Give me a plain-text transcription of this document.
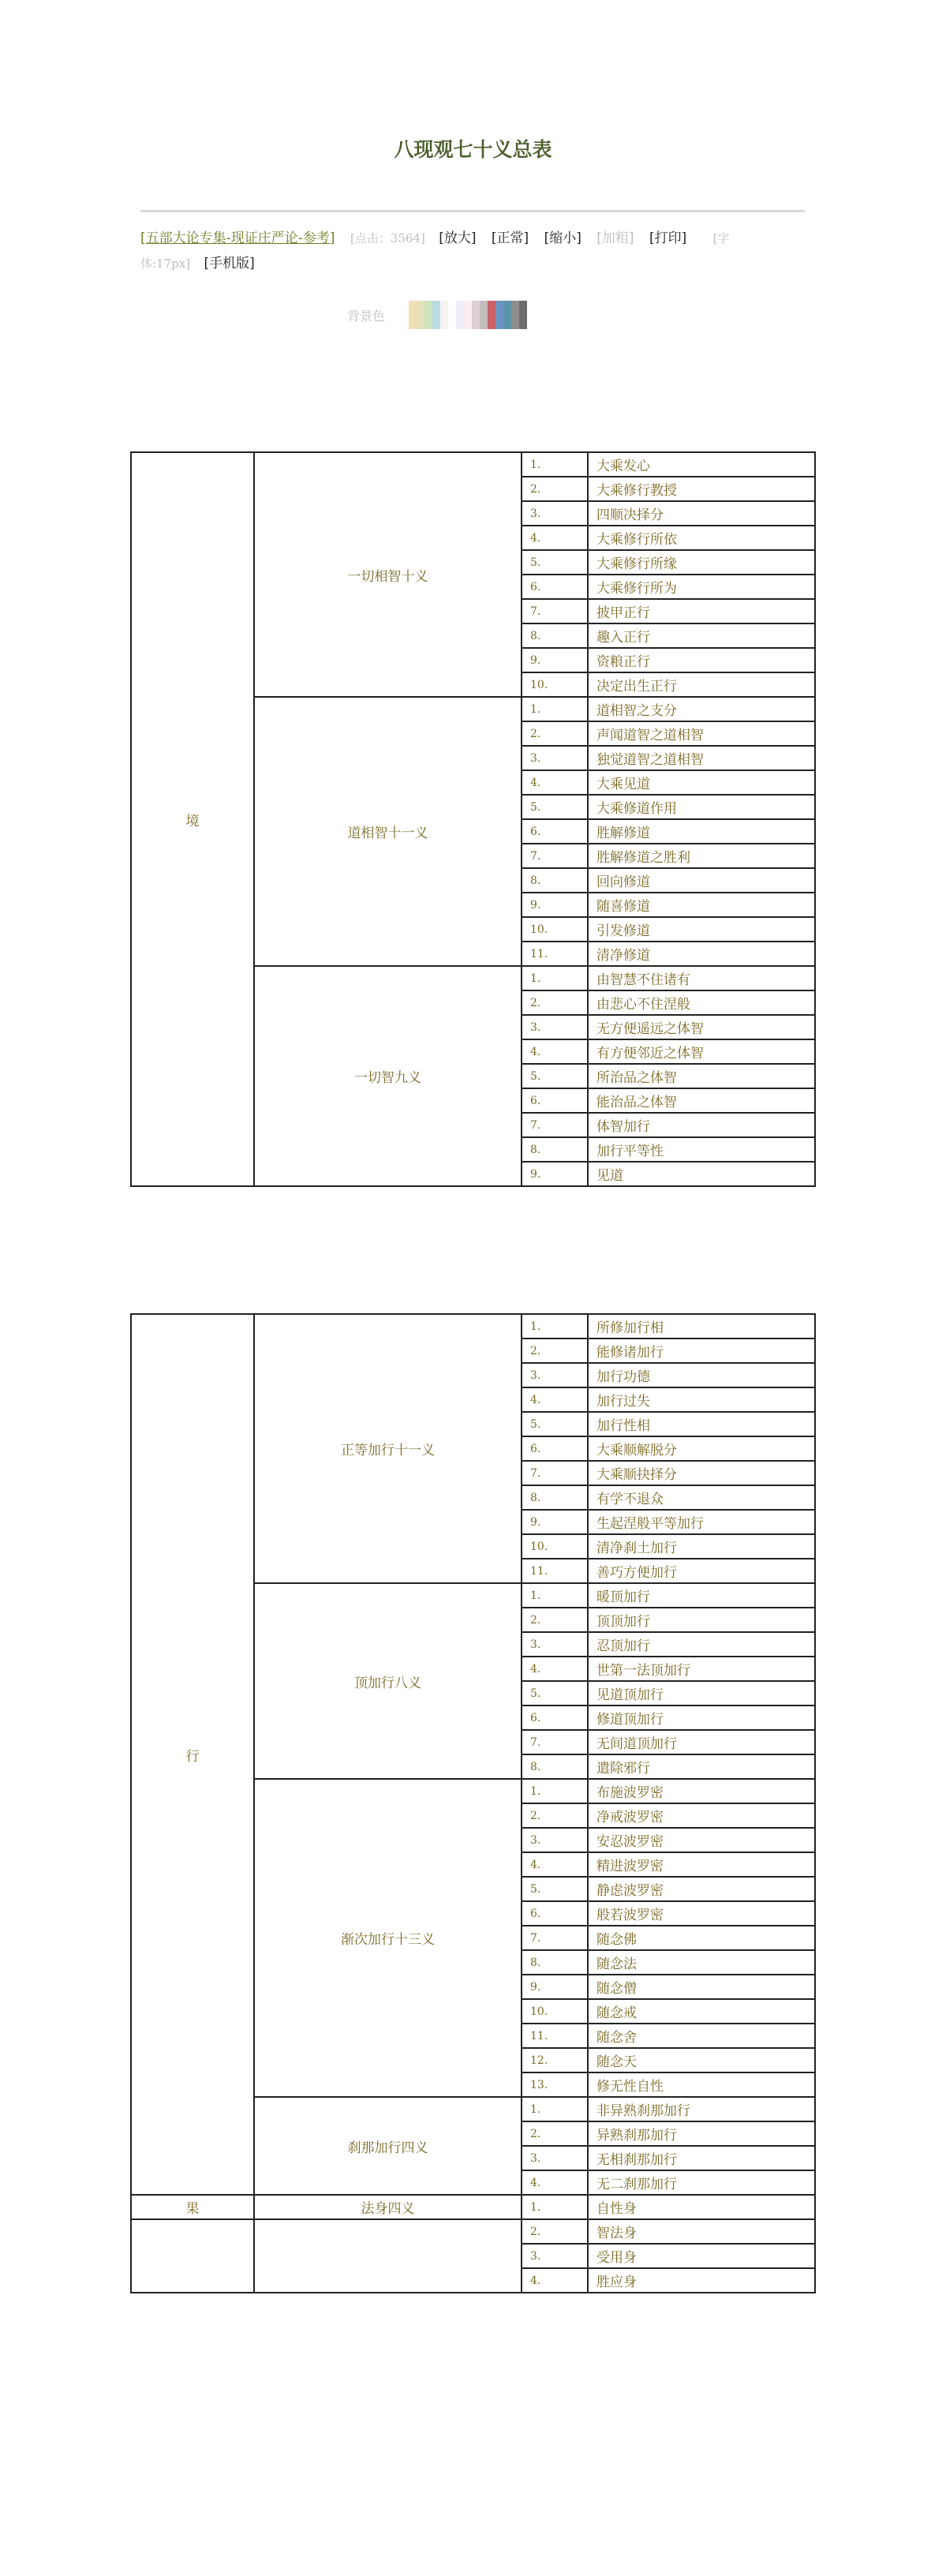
八现观七十义总表
[五部大论专集-现证庄严论-参考] [点击：3564] [放大] [正常] [缩小] [加粗] [打印] [字体:17px] [手机版]
背景色
境	一切相智十义	1.	大乘发心
		2.	大乘修行教授
		3.	四顺决择分
		4.	大乘修行所依
		5.	大乘修行所缘
		6.	大乘修行所为
		7.	披甲正行
		8.	趣入正行
		9.	资粮正行
		10.	决定出生正行
	道相智十一义	1.	道相智之支分
		2.	声闻道智之道相智
		3.	独觉道智之道相智
		4.	大乘见道
		5.	大乘修道作用
		6.	胜解修道
		7.	胜解修道之胜利
		8.	回向修道
		9.	随喜修道
		10.	引发修道
		11.	清净修道
	一切智九义	1.	由智慧不住诸有
		2.	由悲心不住涅般
		3.	无方便遥远之体智
		4.	有方便邻近之体智
		5.	所治品之体智
		6.	能治品之体智
		7.	体智加行
		8.	加行平等性
		9.	见道
行	正等加行十一义	1.	所修加行相
		2.	能修诸加行
		3.	加行功德
		4.	加行过失
		5.	加行性相
		6.	大乘顺解脱分
		7.	大乘顺抉择分
		8.	有学不退众
		9.	生起涅般平等加行
		10.	清净刹土加行
		11.	善巧方便加行
	顶加行八义	1.	暖顶加行
		2.	顶顶加行
		3.	忍顶加行
		4.	世第一法顶加行
		5.	见道顶加行
		6.	修道顶加行
		7.	无间道顶加行
		8.	遣除邪行
	渐次加行十三义	1.	布施波罗密
		2.	净戒波罗密
		3.	安忍波罗密
		4.	精进波罗密
		5.	静虑波罗密
		6.	般若波罗密
		7.	随念佛
		8.	随念法
		9.	随念僧
		10.	随念戒
		11.	随念舍
		12.	随念天
		13.	修无性自性
	刹那加行四义	1.	非异熟刹那加行
		2.	异熟刹那加行
		3.	无相刹那加行
		4.	无二刹那加行
果	法身四义	1.	自性身
		2.	智法身
		3.	受用身
		4.	胜应身
